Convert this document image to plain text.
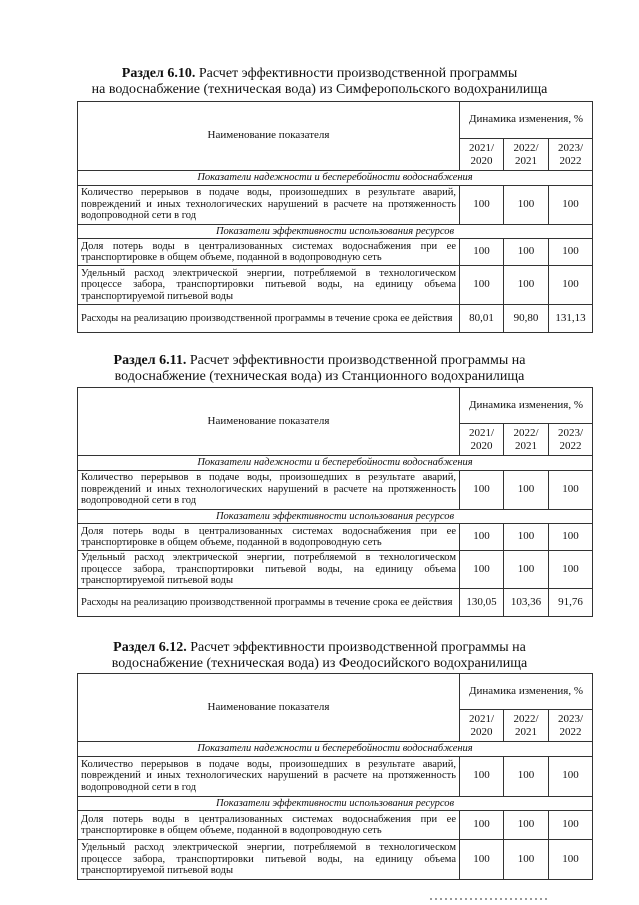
Раздел 6.10. Расчет эффективности производственной программы
на водоснабжение (техническая вода) из Симферопольского водохранилища
Наименование показателя	Динамика изменения, %		
	2021/ 2020	2022/ 2021	2023/ 2022
Показатели надежности и бесперебойности водоснабжения			
Количество перерывов в подаче воды, произошедших в результате аварий, повреждений и иных технологических нарушений в расчете на протяженность водопроводной сети в год	100	100	100
Показатели эффективности использования ресурсов			
Доля потерь воды в централизованных системах водоснабжения при ее транспортировке в общем объеме, поданной в водопроводную сеть	100	100	100
Удельный расход электрической энергии, потребляемой в технологическом процессе забора, транспортировки питьевой воды, на единицу объема транспортируемой питьевой воды	100	100	100
Расходы на реализацию производственной программы в течение срока ее действия	80,01	90,80	131,13
Раздел 6.11. Расчет эффективности производственной программы на
водоснабжение (техническая вода) из Станционного водохранилища
Наименование показателя	Динамика изменения, %		
	2021/ 2020	2022/ 2021	2023/ 2022
Показатели надежности и бесперебойности водоснабжения			
Количество перерывов в подаче воды, произошедших в результате аварий, повреждений и иных технологических нарушений в расчете на протяженность водопроводной сети в год	100	100	100
Показатели эффективности использования ресурсов			
Доля потерь воды в централизованных системах водоснабжения при ее транспортировке в общем объеме, поданной в водопроводную сеть	100	100	100
Удельный расход электрической энергии, потребляемой в технологическом процессе забора, транспортировки питьевой воды, на единицу объема транспортируемой питьевой воды	100	100	100
Расходы на реализацию производственной программы в течение срока ее действия	130,05	103,36	91,76
Раздел 6.12. Расчет эффективности производственной программы на
водоснабжение (техническая вода) из Феодосийского водохранилища
Наименование показателя	Динамика изменения, %		
	2021/ 2020	2022/ 2021	2023/ 2022
Показатели надежности и бесперебойности водоснабжения			
Количество перерывов в подаче воды, произошедших в результате аварий, повреждений и иных технологических нарушений в расчете на протяженность водопроводной сети в год	100	100	100
Показатели эффективности использования ресурсов			
Доля потерь воды в централизованных системах водоснабжения при ее транспортировке в общем объеме, поданной в водопроводную сеть	100	100	100
Удельный расход электрической энергии, потребляемой в технологическом процессе забора, транспортировки питьевой воды, на единицу объема транспортируемой питьевой воды	100	100	100
